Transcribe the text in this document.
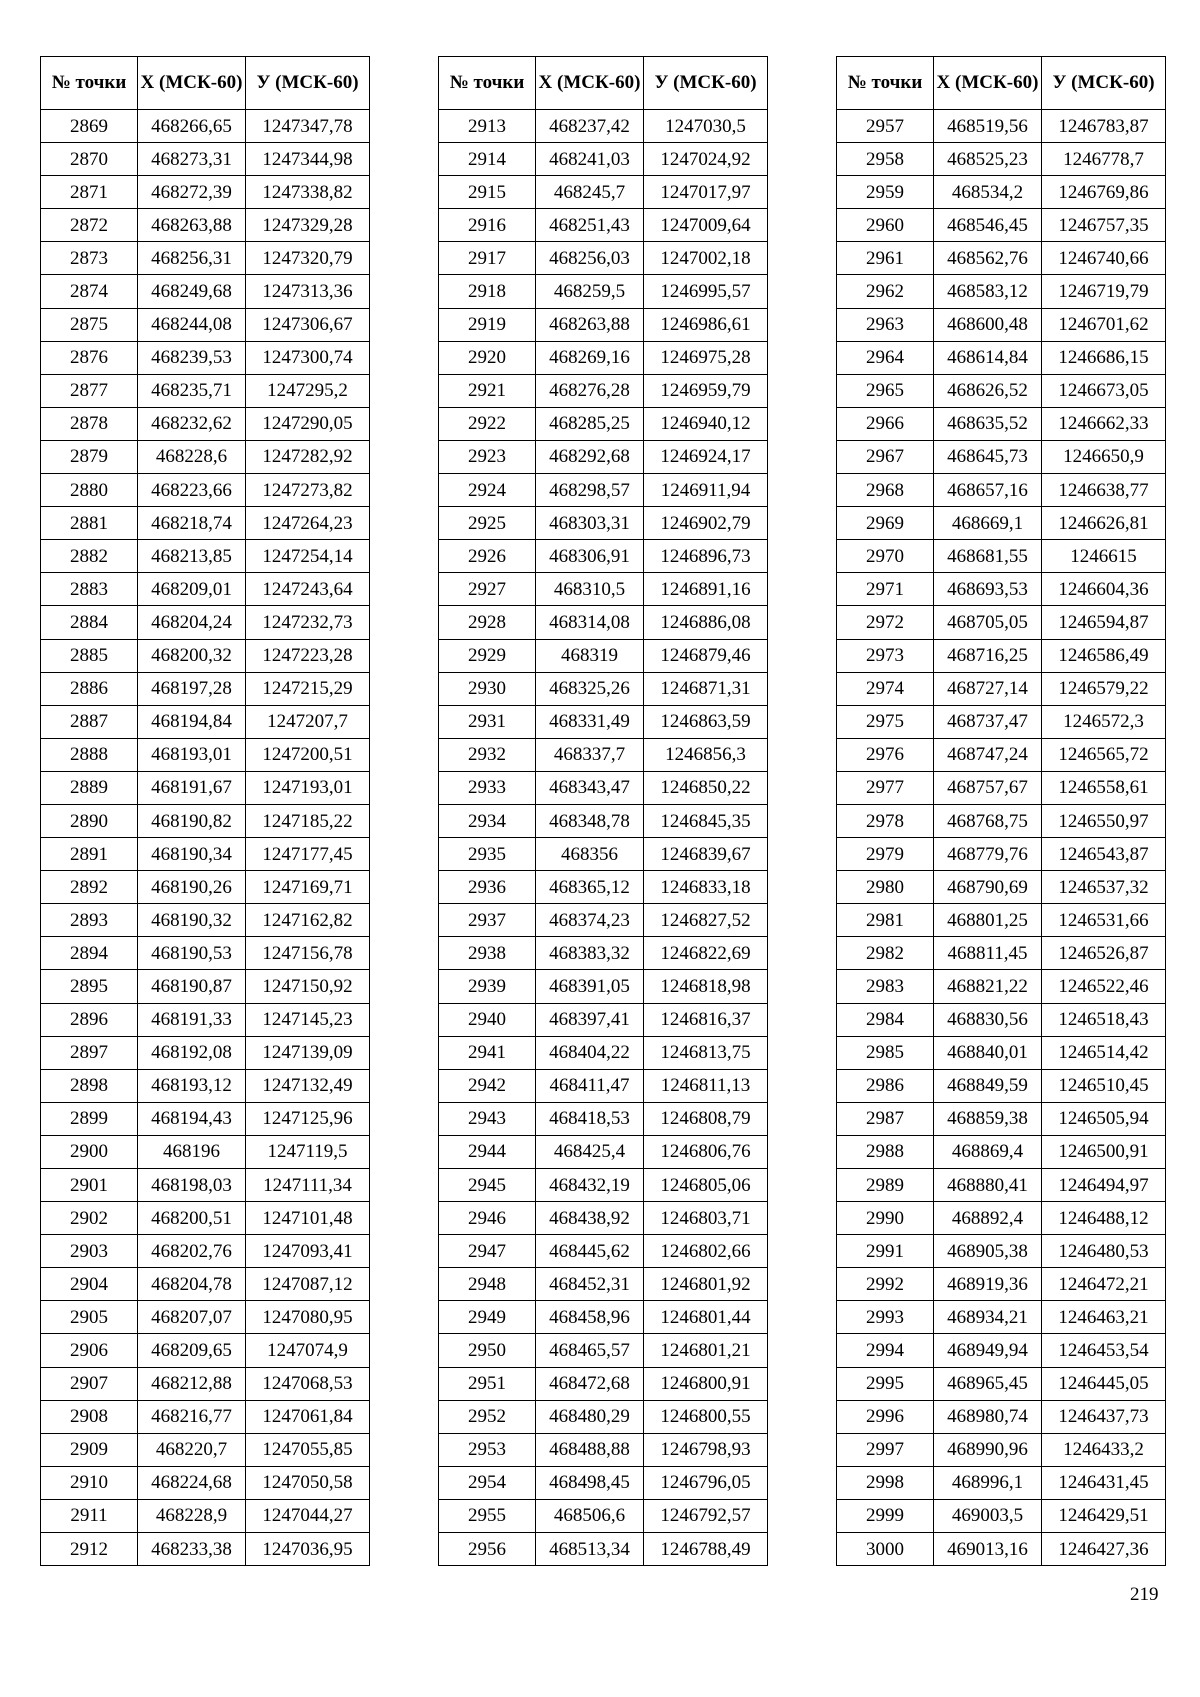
№ точки	Х (МСК-60)	У (МСК-60)
2869	468266,65	1247347,78
2870	468273,31	1247344,98
2871	468272,39	1247338,82
2872	468263,88	1247329,28
2873	468256,31	1247320,79
2874	468249,68	1247313,36
2875	468244,08	1247306,67
2876	468239,53	1247300,74
2877	468235,71	1247295,2
2878	468232,62	1247290,05
2879	468228,6	1247282,92
2880	468223,66	1247273,82
2881	468218,74	1247264,23
2882	468213,85	1247254,14
2883	468209,01	1247243,64
2884	468204,24	1247232,73
2885	468200,32	1247223,28
2886	468197,28	1247215,29
2887	468194,84	1247207,7
2888	468193,01	1247200,51
2889	468191,67	1247193,01
2890	468190,82	1247185,22
2891	468190,34	1247177,45
2892	468190,26	1247169,71
2893	468190,32	1247162,82
2894	468190,53	1247156,78
2895	468190,87	1247150,92
2896	468191,33	1247145,23
2897	468192,08	1247139,09
2898	468193,12	1247132,49
2899	468194,43	1247125,96
2900	468196	1247119,5
2901	468198,03	1247111,34
2902	468200,51	1247101,48
2903	468202,76	1247093,41
2904	468204,78	1247087,12
2905	468207,07	1247080,95
2906	468209,65	1247074,9
2907	468212,88	1247068,53
2908	468216,77	1247061,84
2909	468220,7	1247055,85
2910	468224,68	1247050,58
2911	468228,9	1247044,27
2912	468233,38	1247036,95
№ точки	Х (МСК-60)	У (МСК-60)
2913	468237,42	1247030,5
2914	468241,03	1247024,92
2915	468245,7	1247017,97
2916	468251,43	1247009,64
2917	468256,03	1247002,18
2918	468259,5	1246995,57
2919	468263,88	1246986,61
2920	468269,16	1246975,28
2921	468276,28	1246959,79
2922	468285,25	1246940,12
2923	468292,68	1246924,17
2924	468298,57	1246911,94
2925	468303,31	1246902,79
2926	468306,91	1246896,73
2927	468310,5	1246891,16
2928	468314,08	1246886,08
2929	468319	1246879,46
2930	468325,26	1246871,31
2931	468331,49	1246863,59
2932	468337,7	1246856,3
2933	468343,47	1246850,22
2934	468348,78	1246845,35
2935	468356	1246839,67
2936	468365,12	1246833,18
2937	468374,23	1246827,52
2938	468383,32	1246822,69
2939	468391,05	1246818,98
2940	468397,41	1246816,37
2941	468404,22	1246813,75
2942	468411,47	1246811,13
2943	468418,53	1246808,79
2944	468425,4	1246806,76
2945	468432,19	1246805,06
2946	468438,92	1246803,71
2947	468445,62	1246802,66
2948	468452,31	1246801,92
2949	468458,96	1246801,44
2950	468465,57	1246801,21
2951	468472,68	1246800,91
2952	468480,29	1246800,55
2953	468488,88	1246798,93
2954	468498,45	1246796,05
2955	468506,6	1246792,57
2956	468513,34	1246788,49
№ точки	Х (МСК-60)	У (МСК-60)
2957	468519,56	1246783,87
2958	468525,23	1246778,7
2959	468534,2	1246769,86
2960	468546,45	1246757,35
2961	468562,76	1246740,66
2962	468583,12	1246719,79
2963	468600,48	1246701,62
2964	468614,84	1246686,15
2965	468626,52	1246673,05
2966	468635,52	1246662,33
2967	468645,73	1246650,9
2968	468657,16	1246638,77
2969	468669,1	1246626,81
2970	468681,55	1246615
2971	468693,53	1246604,36
2972	468705,05	1246594,87
2973	468716,25	1246586,49
2974	468727,14	1246579,22
2975	468737,47	1246572,3
2976	468747,24	1246565,72
2977	468757,67	1246558,61
2978	468768,75	1246550,97
2979	468779,76	1246543,87
2980	468790,69	1246537,32
2981	468801,25	1246531,66
2982	468811,45	1246526,87
2983	468821,22	1246522,46
2984	468830,56	1246518,43
2985	468840,01	1246514,42
2986	468849,59	1246510,45
2987	468859,38	1246505,94
2988	468869,4	1246500,91
2989	468880,41	1246494,97
2990	468892,4	1246488,12
2991	468905,38	1246480,53
2992	468919,36	1246472,21
2993	468934,21	1246463,21
2994	468949,94	1246453,54
2995	468965,45	1246445,05
2996	468980,74	1246437,73
2997	468990,96	1246433,2
2998	468996,1	1246431,45
2999	469003,5	1246429,51
3000	469013,16	1246427,36
219
